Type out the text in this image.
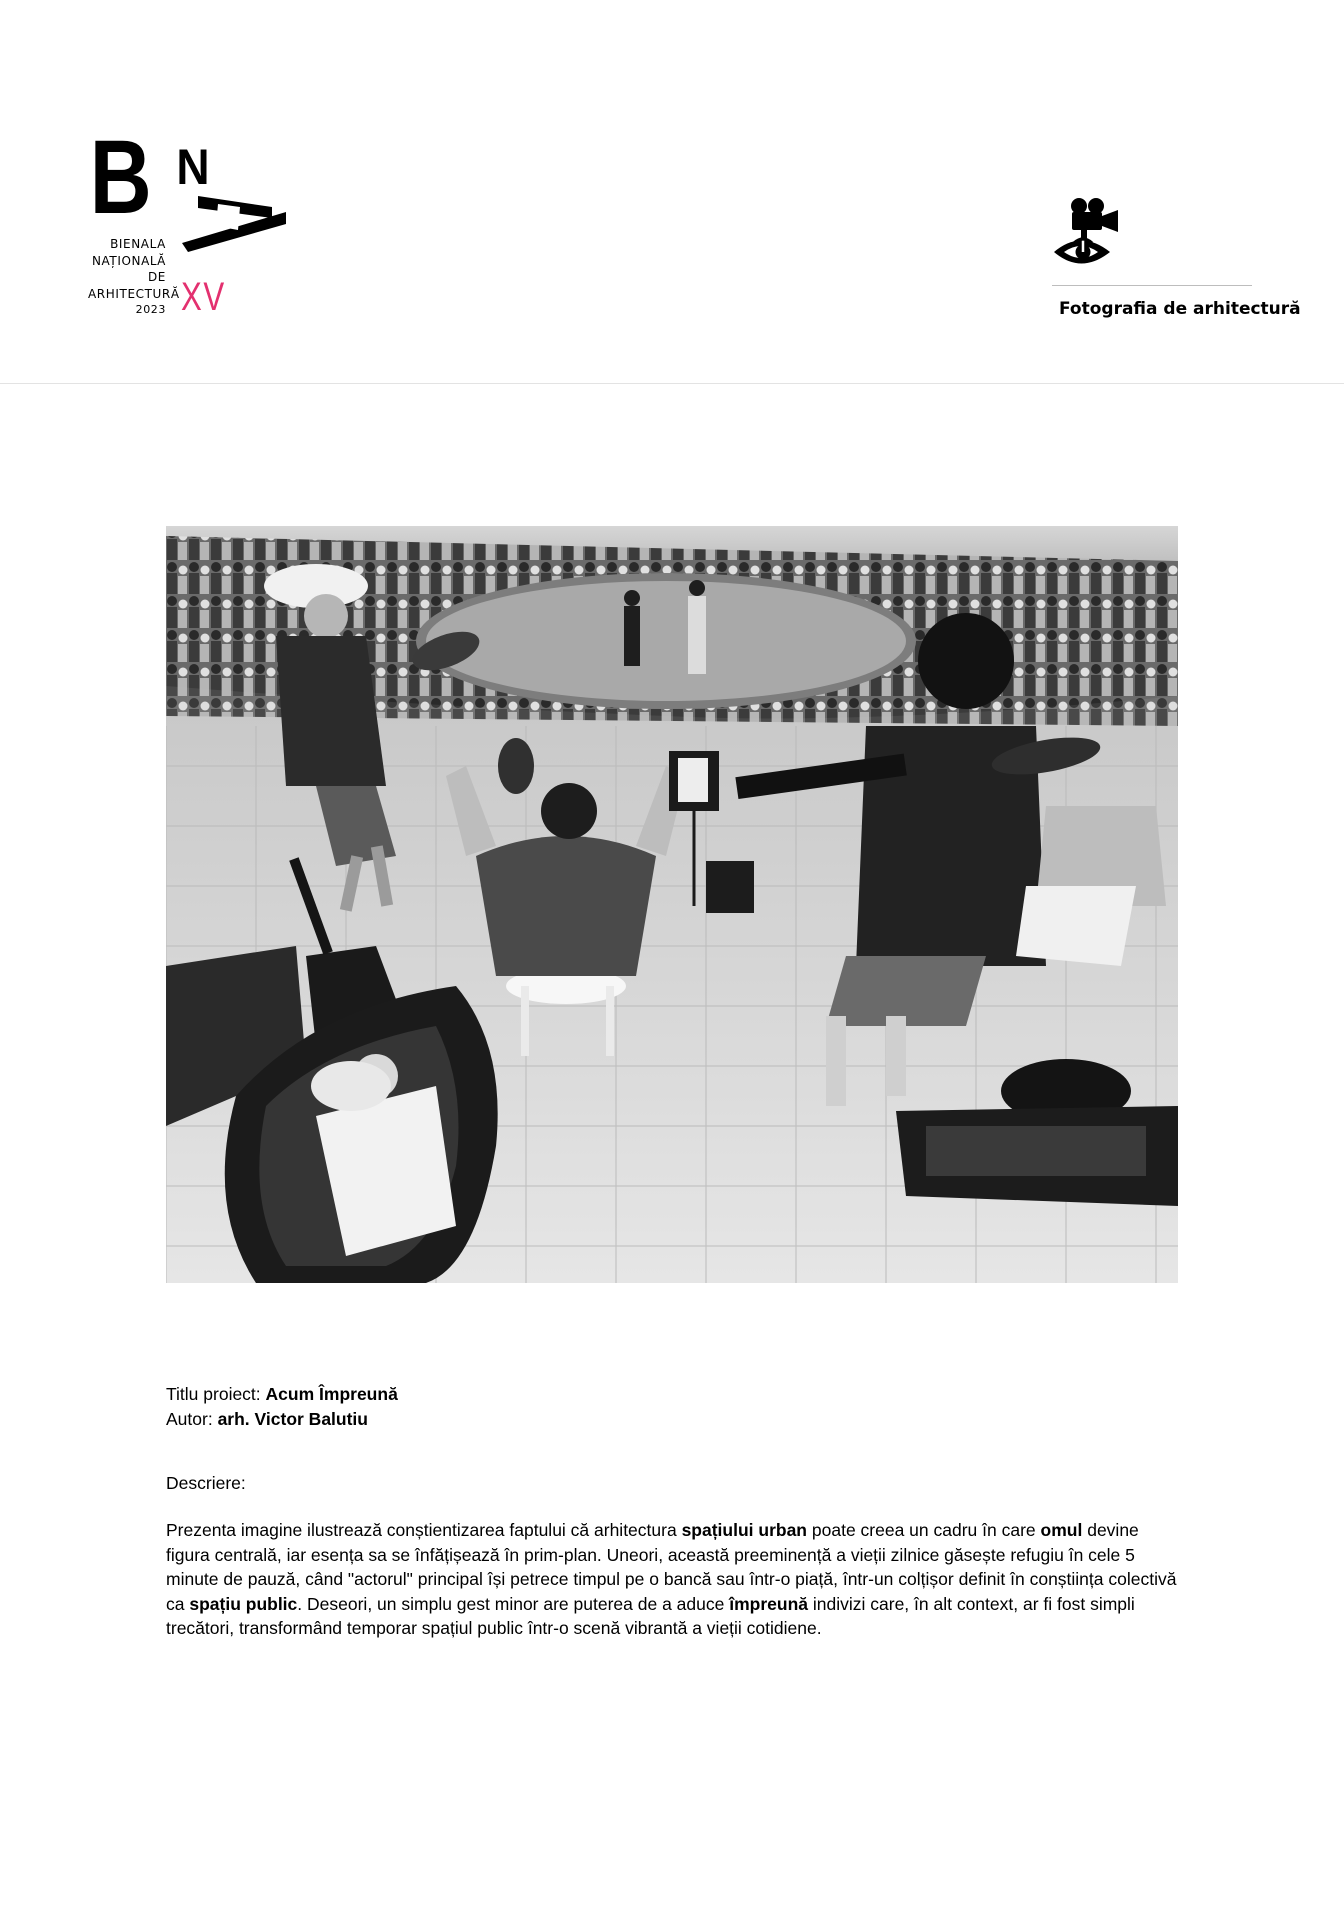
B N
A
BIENALA
NAȚIONALĂ
DE
ARHITECTURĂ
2023 XV	Fotografia de arhitectură
Titlu proiect: Acum Împreună
Autor: arh. Victor Balutiu
Descriere:
Prezenta imagine ilustrează conștientizarea faptului că arhitectura spațiului urban poate creea un cadru în care omul devine figura centrală, iar esența sa se înfățișează în prim-plan. Uneori, această preeminență a vieții zilnice găsește refugiu în cele 5 minute de pauză, când "actorul" principal își petrece timpul pe o bancă sau într-o piață, într-un colțișor definit în conștiința colectivă ca spațiu public. Deseori, un simplu gest minor are puterea de a aduce împreună indivizi care, în alt context, ar fi fost simpli trecători, transformând temporar spațiul public într-o scenă vibrantă a vieții cotidiene.
